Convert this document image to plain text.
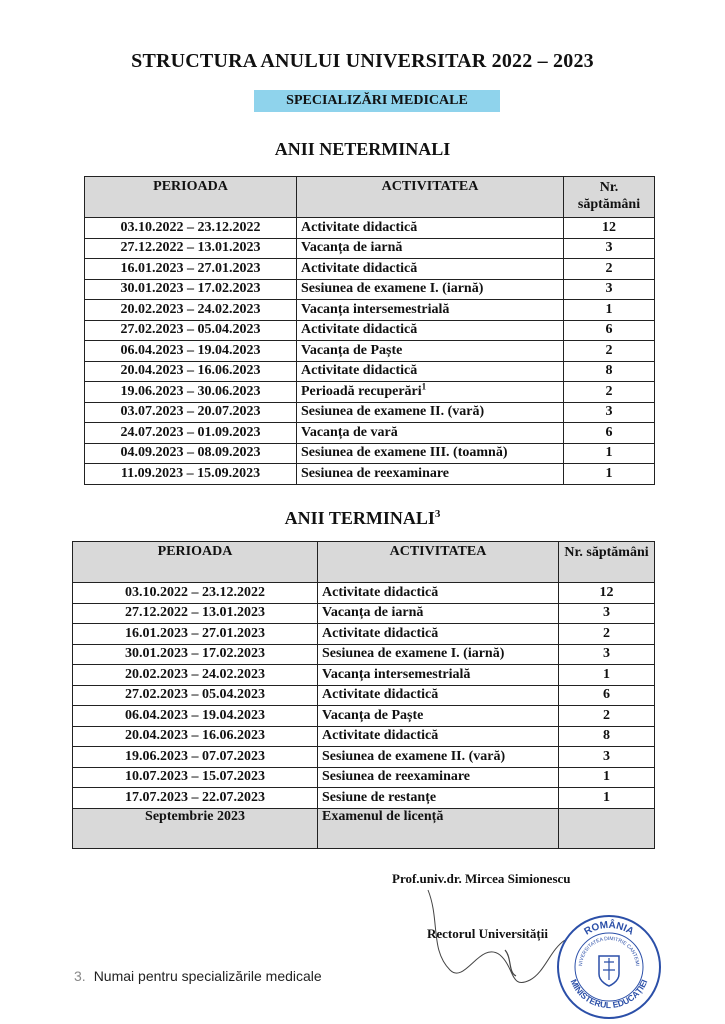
STRUCTURA ANULUI UNIVERSITAR 2022 – 2023
SPECIALIZĂRI MEDICALE
ANII NETERMINALI
PERIOADA	ACTIVITATEA	Nr. săptămâni
03.10.2022 – 23.12.2022	Activitate didactică	12
27.12.2022 – 13.01.2023	Vacanța de iarnă	3
16.01.2023 – 27.01.2023	Activitate didactică	2
30.01.2023 – 17.02.2023	Sesiunea de examene I. (iarnă)	3
20.02.2023 – 24.02.2023	Vacanța intersemestrială	1
27.02.2023 – 05.04.2023	Activitate didactică	6
06.04.2023 – 19.04.2023	Vacanța de Paște	2
20.04.2023 – 16.06.2023	Activitate didactică	8
19.06.2023 – 30.06.2023	Perioadă recuperări$^1$	2
03.07.2023 – 20.07.2023	Sesiunea de examene II. (vară)	3
24.07.2023 – 01.09.2023	Vacanța de vară	6
04.09.2023 – 08.09.2023	Sesiunea de examene III. (toamnă)	1
11.09.2023 – 15.09.2023	Sesiunea de reexaminare	1
ANII TERMINALI$^3$
PERIOADA	ACTIVITATEA	Nr. săptămâni
03.10.2022 – 23.12.2022	Activitate didactică	12
27.12.2022 – 13.01.2023	Vacanța de iarnă	3
16.01.2023 – 27.01.2023	Activitate didactică	2
30.01.2023 – 17.02.2023	Sesiunea de examene I. (iarnă)	3
20.02.2023 – 24.02.2023	Vacanța intersemestrială	1
27.02.2023 – 05.04.2023	Activitate didactică	6
06.04.2023 – 19.04.2023	Vacanța de Paște	2
20.04.2023 – 16.06.2023	Activitate didactică	8
19.06.2023 – 07.07.2023	Sesiunea de examene II. (vară)	3
10.07.2023 – 15.07.2023	Sesiunea de reexaminare	1
17.07.2023 – 22.07.2023	Sesiune de restanțe	1
Septembrie 2023	Examenul de licență	
Prof.univ.dr. Mircea Simionescu
Rectorul Universității	ROMÂNIA
MINISTERUL EDUCAȚIEI
NIVERSITATEA DIMITRIE CANTEMI
3. Numai pentru specializările medicale
